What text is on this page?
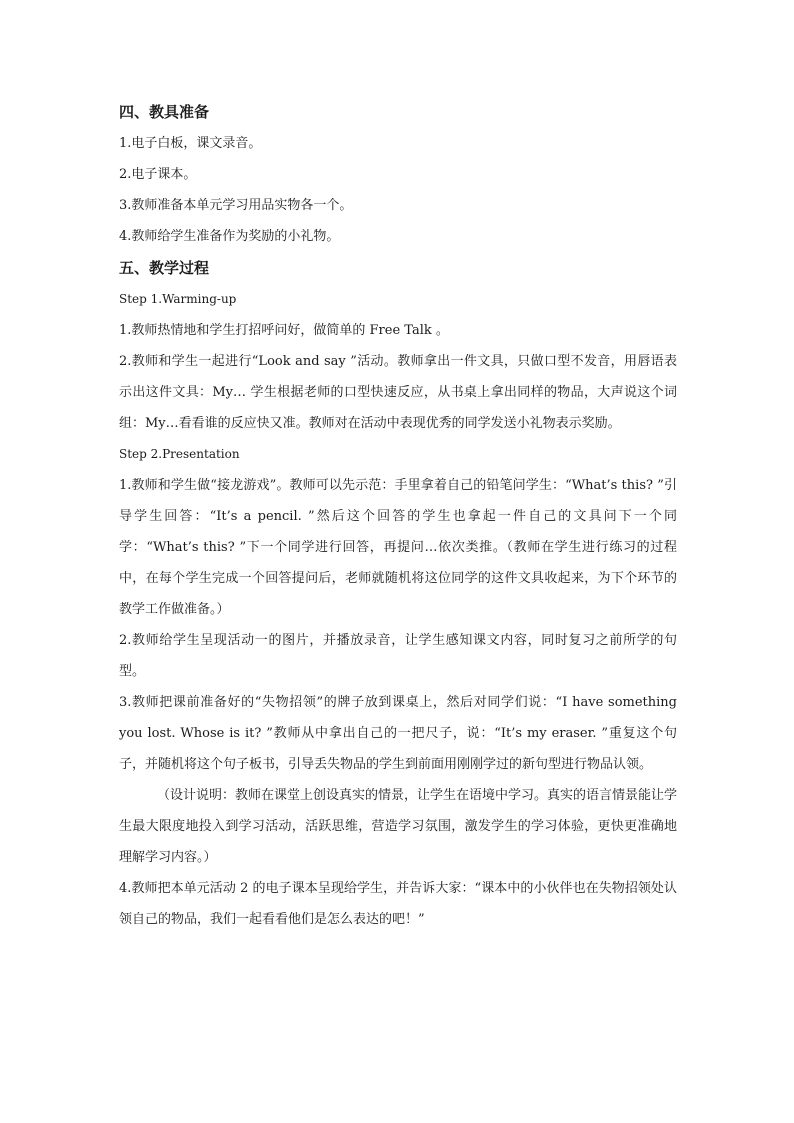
四、教具准备
1.电子白板，课文录音。
2.电子课本。
3.教师准备本单元学习用品实物各一个。
4.教师给学生准备作为奖励的小礼物。
五、教学过程
Step 1.Warming-up
1.教师热情地和学生打招呼问好，做简单的 Free Talk 。
2.教师和学生一起进行“Look and say ”活动。教师拿出一件文具，只做口型不发音，用唇语表示出这件文具：My… 学生根据老师的口型快速反应，从书桌上拿出同样的物品，大声说这个词组：My…看看谁的反应快又准。教师对在活动中表现优秀的同学发送小礼物表示奖励。
Step 2.Presentation
1.教师和学生做“接龙游戏”。教师可以先示范：手里拿着自己的铅笔问学生：“What’s this? ”引导学生回答：“It’s a pencil. ”然后这个回答的学生也拿起一件自己的文具问下一个同学：“What’s this? ”下一个同学进行回答，再提问…依次类推。（教师在学生进行练习的过程中，在每个学生完成一个回答提问后，老师就随机将这位同学的这件文具收起来，为下个环节的教学工作做准备。）
2.教师给学生呈现活动一的图片，并播放录音，让学生感知课文内容，同时复习之前所学的句型。
3.教师把课前准备好的“失物招领”的牌子放到课桌上，然后对同学们说：“I have something you lost. Whose is it? ”教师从中拿出自己的一把尺子，说：“It’s my eraser. ”重复这个句子，并随机将这个句子板书，引导丢失物品的学生到前面用刚刚学过的新句型进行物品认领。
（设计说明：教师在课堂上创设真实的情景，让学生在语境中学习。真实的语言情景能让学生最大限度地投入到学习活动，活跃思维，营造学习氛围，激发学生的学习体验，更快更准确地理解学习内容。）
4.教师把本单元活动 2 的电子课本呈现给学生，并告诉大家：“课本中的小伙伴也在失物招领处认领自己的物品，我们一起看看他们是怎么表达的吧！”
